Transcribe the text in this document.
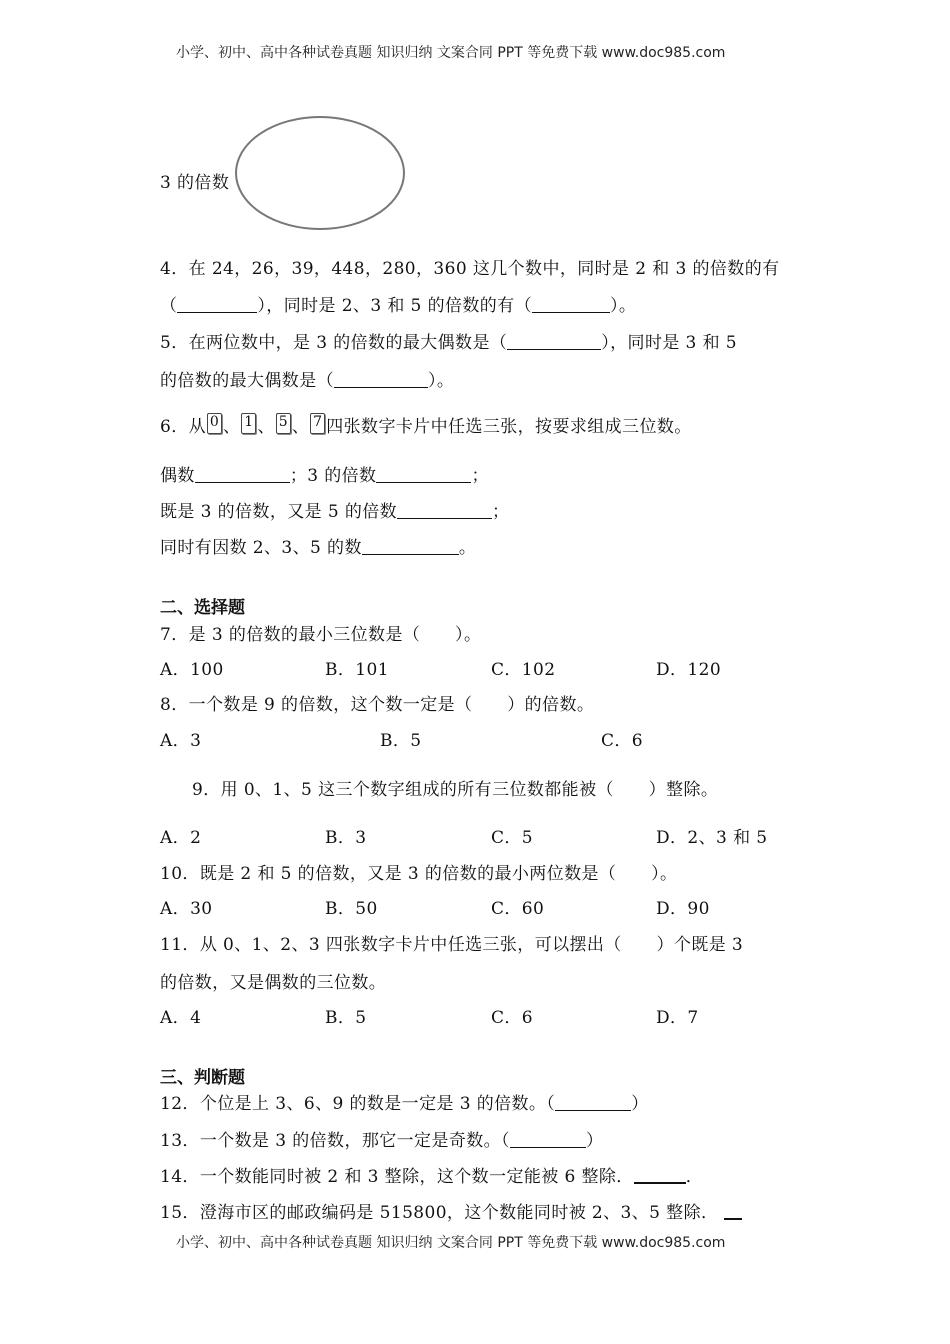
小学、初中、高中各种试卷真题 知识归纳 文案合同 PPT 等免费下载 www.doc985.com
3 的倍数
4．在 24，26，39，448，280，360 这几个数中，同时是 2 和 3 的倍数的有
（	），同时是 2、3 和 5 的倍数的有（	）。
5．在两位数中，是 3 的倍数的最大偶数是（	），同时是 3 和 5
的倍数的最大偶数是（	）。
6．从 0 、 1 、 5 、 7 四张数字卡片中任选三张，按要求组成三位数。
偶数	；3 的倍数	；
既是 3 的倍数，又是 5 的倍数	；
同时有因数 2、3、5 的数	。
二、选择题
7．是 3 的倍数的最小三位数是（　　）。
A．100	B．101	C．102	D．120
8．一个数是 9 的倍数，这个数一定是（　　）的倍数。
A．3	B．5	C．6
9．用 0、1、5 这三个数字组成的所有三位数都能被（　　）整除。
A．2	B．3	C．5	D．2、3 和 5
10．既是 2 和 5 的倍数，又是 3 的倍数的最小两位数是（　　）。
A．30	B．50	C．60	D．90
11．从 0、1、2、3 四张数字卡片中任选三张，可以摆出（　　）个既是 3
的倍数，又是偶数的三位数。
A．4	B．5	C．6	D．7
三、判断题
12．个位是上 3、6、9 的数是一定是 3 的倍数。（	）
13．一个数是 3 的倍数，那它一定是奇数。（	）
14．一个数能同时被 2 和 3 整除，这个数一定能被 6 整除．	．
15．澄海市区的邮政编码是 515800，这个数能同时被 2、3、5 整除．
小学、初中、高中各种试卷真题 知识归纳 文案合同 PPT 等免费下载 www.doc985.com
